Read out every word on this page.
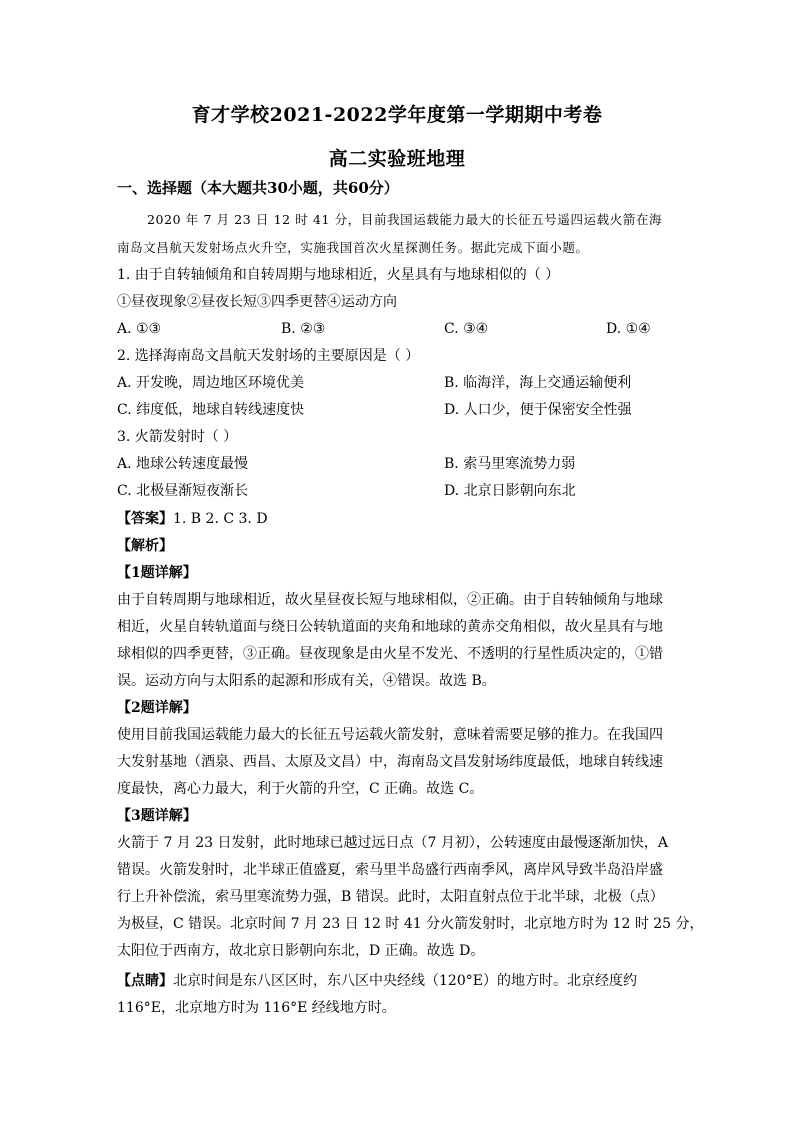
育才学校2021-2022学年度第一学期期中考卷
高二实验班地理
一、选择题（本大题共30小题，共60分）
2020 年 7 月 23 日 12 时 41 分，目前我国运载能力最大的长征五号遥四运载火箭在海
南岛文昌航天发射场点火升空，实施我国首次火星探测任务。据此完成下面小题。
1. 由于自转轴倾角和自转周期与地球相近，火星具有与地球相似的（ ）
①昼夜现象②昼夜长短③四季更替④运动方向
A. ①③	B. ②③	C. ③④	D. ①④
2. 选择海南岛文昌航天发射场的主要原因是（ ）
A. 开发晚，周边地区环境优美	B. 临海洋，海上交通运输便利
C. 纬度低，地球自转线速度快	D. 人口少，便于保密安全性强
3. 火箭发射时（ ）
A. 地球公转速度最慢	B. 索马里寒流势力弱
C. 北极昼渐短夜渐长	D. 北京日影朝向东北
【答案】1. B 2. C 3. D
【解析】
【1题详解】
由于自转周期与地球相近，故火星昼夜长短与地球相似，②正确。由于自转轴倾角与地球
相近，火星自转轨道面与绕日公转轨道面的夹角和地球的黄赤交角相似，故火星具有与地
球相似的四季更替，③正确。昼夜现象是由火星不发光、不透明的行星性质决定的，①错
误。运动方向与太阳系的起源和形成有关，④错误。故选 B。
【2题详解】
使用目前我国运载能力最大的长征五号运载火箭发射，意味着需要足够的推力。在我国四
大发射基地（酒泉、西昌、太原及文昌）中，海南岛文昌发射场纬度最低，地球自转线速
度最快，离心力最大，利于火箭的升空，C 正确。故选 C。
【3题详解】
火箭于 7 月 23 日发射，此时地球已越过远日点（7 月初），公转速度由最慢逐渐加快，A
错误。火箭发射时，北半球正值盛夏，索马里半岛盛行西南季风，离岸风导致半岛沿岸盛
行上升补偿流，索马里寒流势力强，B 错误。此时，太阳直射点位于北半球，北极（点）
为极昼，C 错误。北京时间 7 月 23 日 12 时 41 分火箭发射时，北京地方时为 12 时 25 分，
太阳位于西南方，故北京日影朝向东北，D 正确。故选 D。
【点睛】北京时间是东八区区时，东八区中央经线（120°E）的地方时。北京经度约
116°E，北京地方时为 116°E 经线地方时。
